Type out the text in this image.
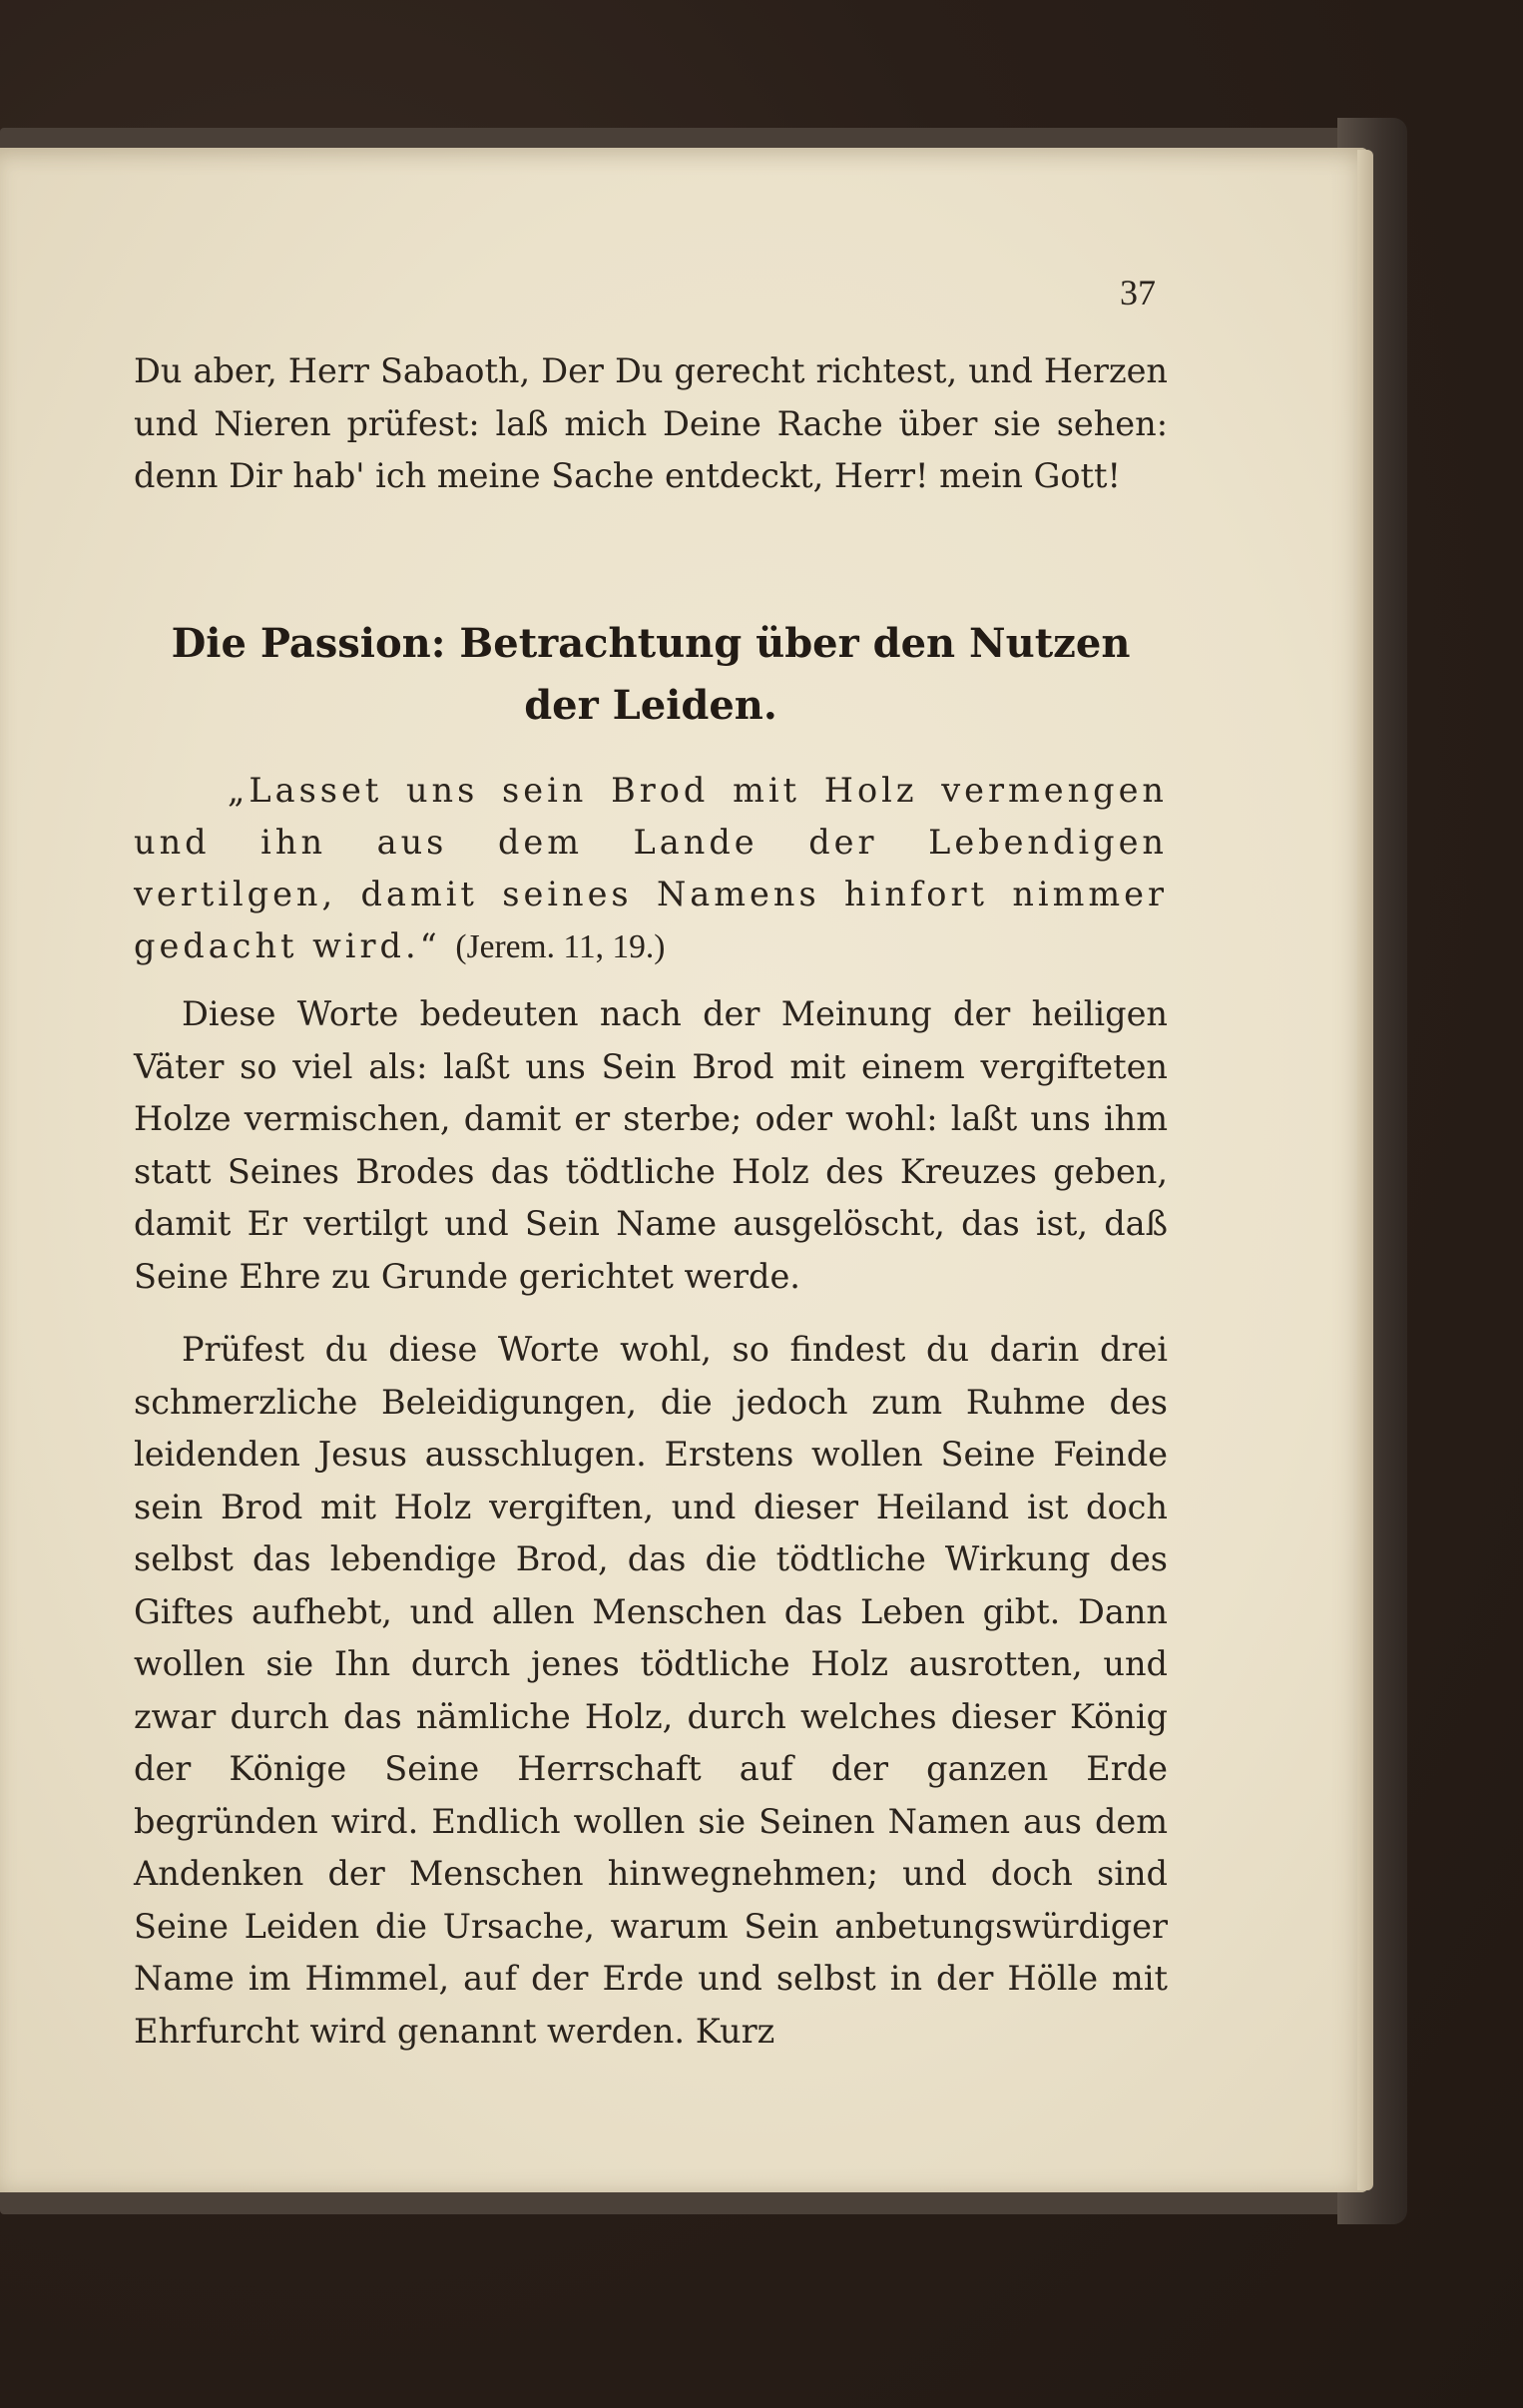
37
Du aber, Herr Sabaoth, Der Du gerecht richtest, und Herzen und Nieren prüfest: laß mich Deine Rache über sie sehen: denn Dir hab' ich meine Sache entdeckt, Herr! mein Gott!
Die Passion: Betrachtung über den Nutzen der Leiden.
„Lasset uns sein Brod mit Holz vermengen und ihn aus dem Lande der Lebendigen vertilgen, damit seines Namens hinfort nimmer gedacht wird.“ (Jerem. 11, 19.)
Diese Worte bedeuten nach der Meinung der heiligen Väter so viel als: laßt uns Sein Brod mit einem vergifteten Holze vermischen, damit er sterbe; oder wohl: laßt uns ihm statt Seines Brodes das tödtliche Holz des Kreuzes geben, damit Er vertilgt und Sein Name ausgelöscht, das ist, daß Seine Ehre zu Grunde gerichtet werde.
Prüfest du diese Worte wohl, so findest du darin drei schmerzliche Beleidigungen, die jedoch zum Ruhme des leidenden Jesus ausschlugen. Erstens wollen Seine Feinde sein Brod mit Holz vergiften, und dieser Heiland ist doch selbst das lebendige Brod, das die tödtliche Wirkung des Giftes aufhebt, und allen Menschen das Leben gibt. Dann wollen sie Ihn durch jenes tödtliche Holz ausrotten, und zwar durch das nämliche Holz, durch welches dieser König der Könige Seine Herrschaft auf der ganzen Erde begründen wird. Endlich wollen sie Seinen Namen aus dem Andenken der Menschen hinwegnehmen; und doch sind Seine Leiden die Ursache, warum Sein anbetungswürdiger Name im Himmel, auf der Erde und selbst in der Hölle mit Ehrfurcht wird genannt werden. Kurz
